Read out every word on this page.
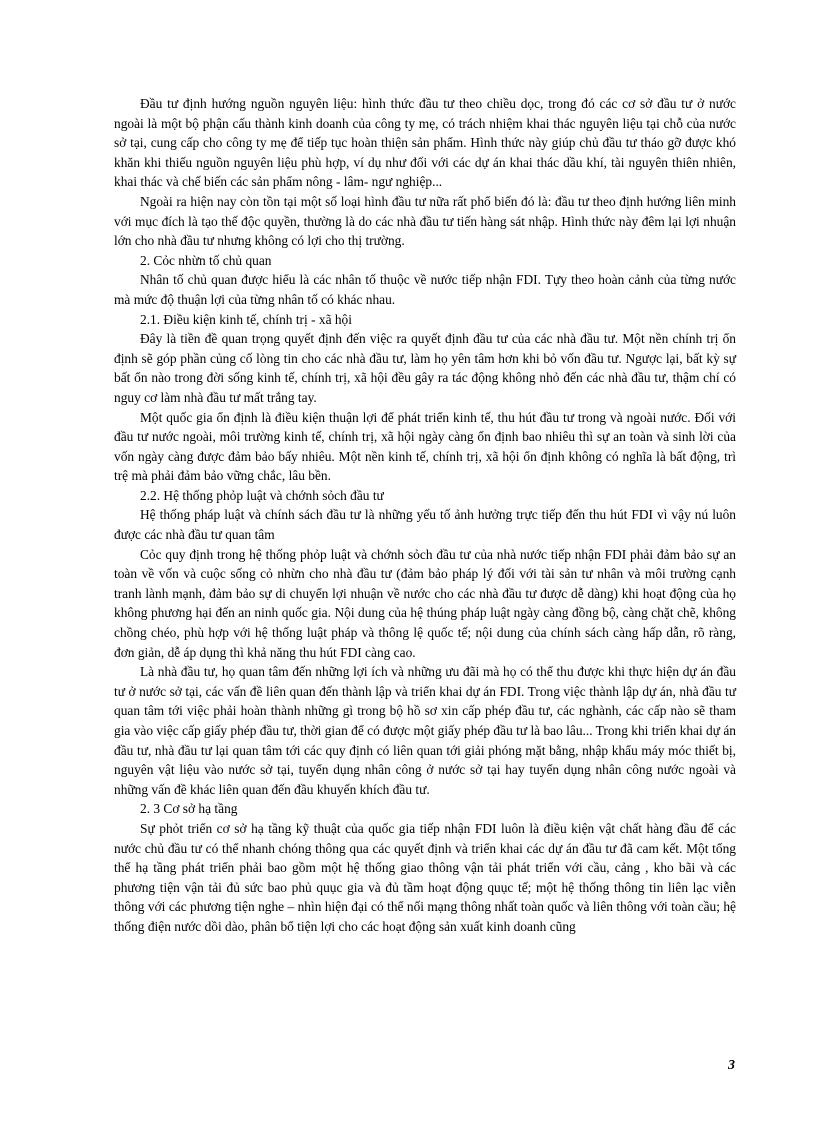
Đầu tư định hướng nguồn nguyên liệu: hình thức đầu tư theo chiều dọc, trong đó các cơ sở đầu tư ở nước ngoài là một bộ phận cấu thành kinh doanh của công ty mẹ, có trách nhiệm khai thác nguyên liệu tại chỗ của nước sở tại, cung cấp cho công ty mẹ để tiếp tục hoàn thiện sản phẩm. Hình thức này giúp chủ đầu tư tháo gỡ được khó khăn khi thiếu nguồn nguyên liệu phù hợp, ví dụ như đối với các dự án khai thác dầu khí, tài nguyên thiên nhiên, khai thác và chế biến các sản phẩm nông - lâm- ngư nghiệp...

Ngoài ra hiện nay còn tồn tại một số loại hình đầu tư nữa rất phổ biến đó là: đầu tư theo định hướng liên minh với mục đích là tạo thế độc quyền, thường là do các nhà đầu tư tiến hàng sát nhập. Hình thức này đêm lại lợi nhuận lớn cho nhà đầu tư nhưng không có lợi cho thị trường.

2. Cỏc nhừn tố chủ quan

Nhân tố chủ quan được hiểu là các nhân tố thuộc về nước tiếp nhận FDI. Tựy theo hoàn cảnh của từng nước mà mức độ thuận lợi của từng nhân tố có khác nhau.

2.1. Điều kiện kinh tế, chính trị - xã hội

Đây là tiền đề quan trọng quyết định đến việc ra quyết định đầu tư của các nhà đầu tư. Một nền chính trị ổn định sẽ góp phần củng cố lòng tin cho các nhà đầu tư, làm họ yên tâm hơn khi bỏ vốn đầu tư. Ngược lại, bất kỳ sự bất ổn nào trong đời sống kinh tế, chính trị, xã hội đều gây ra tác động không nhỏ đến các nhà đầu tư, thậm chí có nguy cơ làm nhà đầu tư mất trắng tay.

Một quốc gia ổn định là điều kiện thuận lợi để phát triển kinh tế, thu hút đầu tư trong và ngoài nước. Đối với đầu tư nước ngoài, môi trường kinh tế, chính trị, xã hội ngày càng ổn định bao nhiêu thì sự an toàn và sinh lời của vốn ngày càng được đảm bảo bấy nhiêu. Một nền kinh tế, chính trị, xã hội ổn định không có nghĩa là bất động, trì trệ mà phải đảm bảo vững chắc, lâu bền.

2.2. Hệ thống phỏp luật và chớnh sỏch đầu tư

Hệ thống pháp luật và chính sách đầu tư là những yếu tố ảnh hưởng trực tiếp đến thu hút FDI vì vậy nú luôn được các nhà đầu tư quan tâm

Cỏc quy định trong hệ thống phỏp luật và chớnh sỏch đầu tư của nhà nước tiếp nhận FDI phải đảm bảo sự an toàn về vốn và cuộc sống cỏ nhừn cho nhà đầu tư (đảm bảo pháp lý đối với tài sản tư nhân và môi trường cạnh tranh lành mạnh, đảm bảo sự di chuyển lợi nhuận về nước cho các nhà đầu tư được dễ dàng) khi hoạt động của họ không phương hại đến an ninh quốc gia. Nội dung của hệ thúng pháp luật ngày càng đồng bộ, càng chặt chẽ, không chồng chéo, phù hợp với hệ thống luật pháp và thông lệ quốc tế; nội dung của chính sách càng hấp dẫn, rõ ràng, đơn giản, dễ áp dụng thì khả năng thu hút FDI càng cao.

Là nhà đầu tư, họ quan tâm đến những lợi ích và những ưu đãi mà họ có thể thu được khi thực hiện dự án đầu tư ở nước sở tại, các vấn đề liên quan đến thành lập và triển khai dự án FDI. Trong việc thành lập dự án, nhà đầu tư quan tâm tới việc phải hoàn thành những gì trong bộ hồ sơ xin cấp phép đầu tư, các nghành, các cấp nào sẽ tham gia vào việc cấp giấy phép đầu tư, thời gian để có được một giấy phép đầu tư là bao lâu... Trong khi triển khai dự án đầu tư, nhà đầu tư lại quan tâm tới các quy định có liên quan tới giải phóng mặt bằng, nhập khẩu máy móc thiết bị, nguyên vật liệu vào nước sở tại, tuyển dụng nhân công ở nước sở tại hay tuyển dụng nhân công nước ngoài và những vấn đề khác liên quan đến đầu khuyến khích đầu tư.

2. 3 Cơ sở hạ tầng

Sự phỏt triển cơ sở hạ tầng kỹ thuật của quốc gia tiếp nhận FDI luôn là điều kiện vật chất hàng đầu để các nước chủ đầu tư có thể nhanh chóng thông qua các quyết định và triển khai các dự án đầu tư đã cam kết. Một tổng thể hạ tầng phát triển phải bao gồm một hệ thống giao thông vận tải phát triển với cầu, cảng , kho bãi và các phương tiện vận tải đủ sức bao phủ quục gia và đủ tầm hoạt động quục tế; một hệ thống thông tin liên lạc viễn thông với các phương tiện nghe – nhìn hiện đại có thể nối mạng thông nhất toàn quốc và liên thông với toàn cầu; hệ thống điện nước dồi dào, phân bổ tiện lợi cho các hoạt động sản xuất kinh doanh cũng

3
